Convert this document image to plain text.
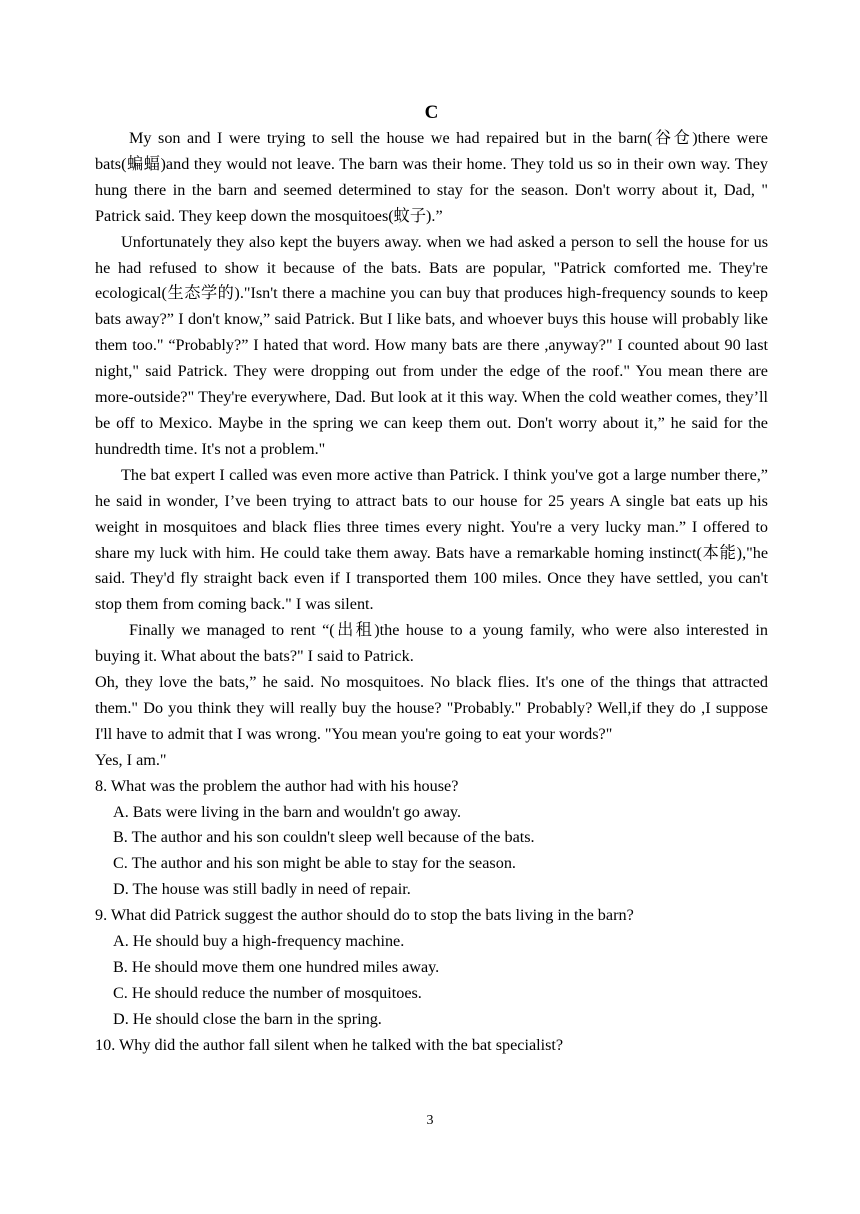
C

My son and I were trying to sell the house we had repaired but in the barn(谷仓)there were bats(蝙蝠)and they would not leave. The barn was their home. They told us so in their own way. They hung there in the barn and seemed determined to stay for the season. Don't worry about it, Dad, " Patrick said. They keep down the mosquitoes(蚊子).”

Unfortunately they also kept the buyers away. when we had asked a person to sell the house for us he had refused to show it because of the bats. Bats are popular, "Patrick comforted me. They're ecological(生态学的)."Isn't there a machine you can buy that produces high-frequency sounds to keep bats away?” I don't know,” said Patrick. But I like bats, and whoever buys this house will probably like them too." “Probably?” I hated that word. How many bats are there ,anyway?" I counted about 90 last night," said Patrick. They were dropping out from under the edge of the roof." You mean there are more-outside?" They're everywhere, Dad. But look at it this way. When the cold weather comes, they’ll be off to Mexico. Maybe in the spring we can keep them out. Don't worry about it,” he said for the hundredth time. It's not a problem."

The bat expert I called was even more active than Patrick. I think you've got a large number there,” he said in wonder, I’ve been trying to attract bats to our house for 25 years A single bat eats up his weight in mosquitoes and black flies three times every night. You're a very lucky man.” I offered to share my luck with him. He could take them away. Bats have a remarkable homing instinct(本能),"he said. They'd fly straight back even if I transported them 100 miles. Once they have settled, you can't stop them from coming back." I was silent.

Finally we managed to rent “(出租)the house to a young family, who were also interested in buying it. What about the bats?" I said to Patrick.

Oh, they love the bats,” he said. No mosquitoes. No black flies. It's one of the things that attracted them." Do you think they will really buy the house? "Probably." Probably? Well,if they do ,I suppose I'll have to admit that I was wrong. "You mean you're going to eat your words?"

Yes, I am."

8. What was the problem the author had with his house?

A. Bats were living in the barn and wouldn't go away.

B. The author and his son couldn't sleep well because of the bats.

C. The author and his son might be able to stay for the season.

D. The house was still badly in need of repair.

9. What did Patrick suggest the author should do to stop the bats living in the barn?

A. He should buy a high-frequency machine.

B. He should move them one hundred miles away.

C. He should reduce the number of mosquitoes.

D. He should close the barn in the spring.

10. Why did the author fall silent when he talked with the bat specialist?

3
